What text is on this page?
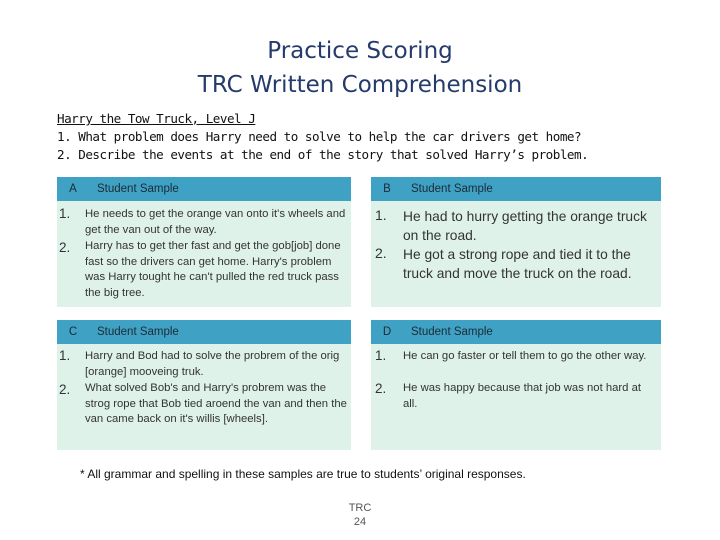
Practice Scoring
TRC Written Comprehension
Harry the Tow Truck, Level J
1. What problem does Harry need to solve to help the car drivers get home?
2. Describe the events at the end of the story that solved Harry’s problem.
A Student Sample
1. He needs to get the orange van onto it's wheels and get the van out of the way.
2. Harry has to get ther fast and get the gob[job] done fast so the drivers can get home. Harry's problem was Harry tought he can't pulled the red truck pass the big tree.
B Student Sample
1. He had to hurry getting the orange truck on the road.
2. He got a strong rope and tied it to the truck and move the truck on the road.
C Student Sample
1. Harry and Bod had to solve the probrem of the orig [orange] mooveing truk.
2. What solved Bob's and Harry's probrem was the strog rope that Bob tied aroend the van and then the van came back on it's willis [wheels].
D Student Sample
1. He can go faster or tell them to go the other way.
2. He was happy because that job was not hard at all.
* All grammar and spelling in these samples are true to students’ original responses.
TRC
24
